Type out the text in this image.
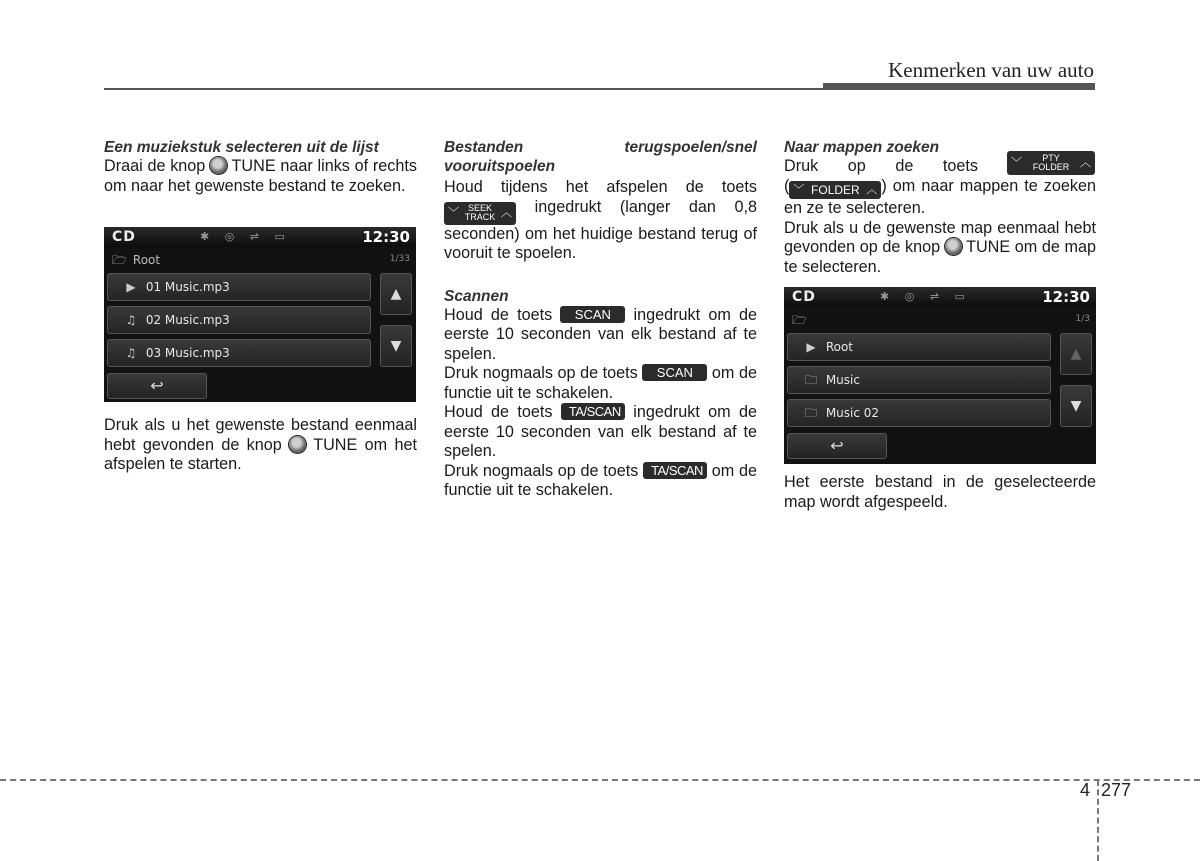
Kenmerken van uw auto

Een muziekstuk selecteren uit de lijst

Draai de knop TUNE naar links of rechts om naar het gewenste bestand te zoeken.

CD	✱ ◎ ⇌ ▭	12:30
🗁 Root	1/33
▶ 01 Music.mp3
♫ 02 Music.mp3
♫ 03 Music.mp3
▲
▼
↩

Druk als u het gewenste bestand eenmaal hebt gevonden de knop TUNE om het afspelen te starten.

Bestanden terugspoelen/snel vooruitspoelen

Houd tijdens het afspelen de toets
﹀ SEEK
TRACK ︿ ingedrukt (langer dan 0,8 seconden) om het huidige bestand terug of vooruit te spoelen.

Scannen

Houd de toets SCAN ingedrukt om de eerste 10 seconden van elk bestand af te spelen.

Druk nogmaals op de toets SCAN om de functie uit te schakelen.

Houd de toets TA/SCAN ingedrukt om de eerste 10 seconden van elk bestand af te spelen.

Druk nogmaals op de toets TA/SCAN om de functie uit te schakelen.

﹀	PTY
FOLDER ︿

Naar mappen zoeken

Druk op de toets

( ﹀ FOLDER ︿ ) om naar mappen te zoeken en ze te selecteren.

Druk als u de gewenste map eenmaal hebt gevonden op de knop TUNE om de map te selecteren.

CD	✱ ◎ ⇌ ▭	12:30
🗁	1/3
▶ Root
🗀 Music
🗀 Music 02
▲
▼
↩

Het eerste bestand in de geselecteerde map wordt afgespeeld.

4 277
